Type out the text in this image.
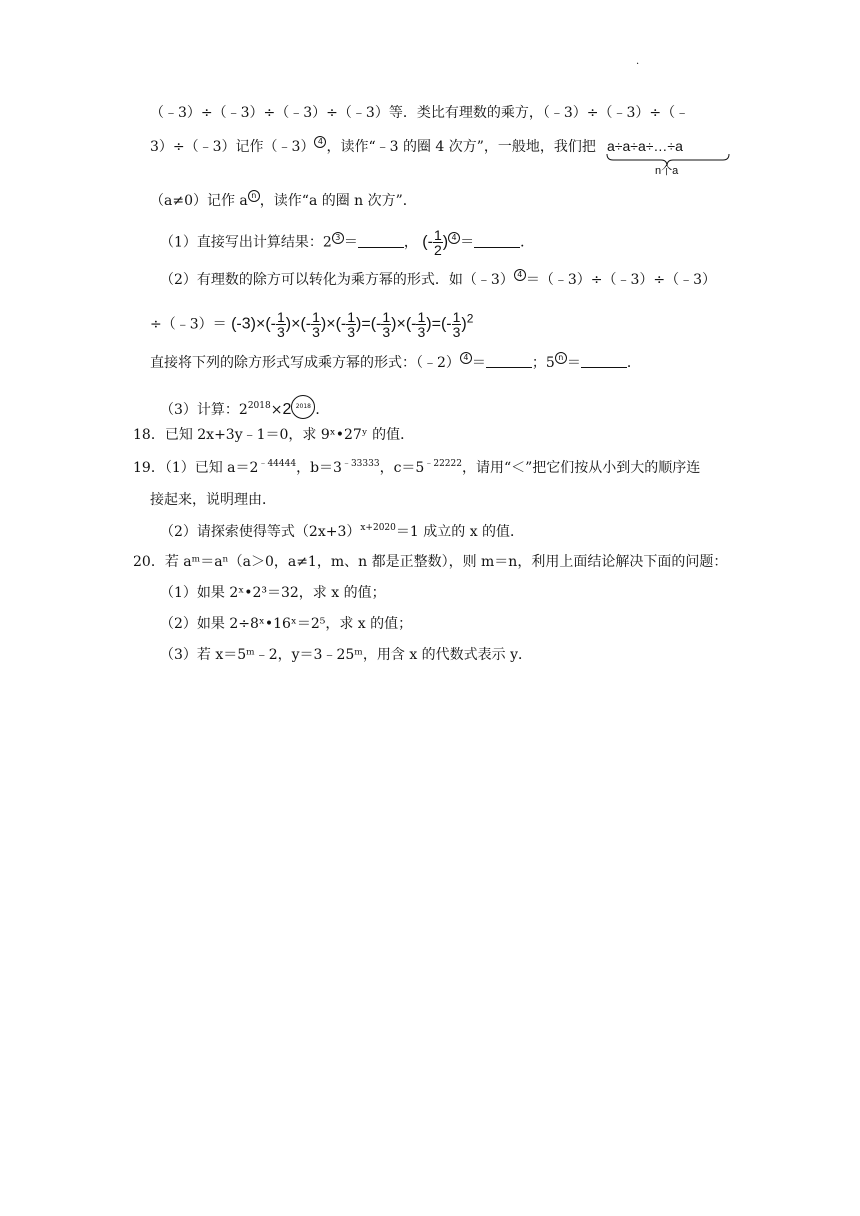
.
（﹣3）÷（﹣3）÷（﹣3）÷（﹣3）等．类比有理数的乘方，（﹣3）÷（﹣3）÷（﹣
3）÷（﹣3）记作（﹣3） 4 ，读作“﹣3 的圈 4 次方”，一般地，我们把 a÷a÷a÷…÷a
n个a
（a≠0）记作 a n ，读作“a 的圈 n 次方”．
（1）直接写出计算结果：2 3 ＝	， (- $\frac{1}{2}$ ) 4 ＝	．
（2）有理数的除方可以转化为乘方幂的形式．如（﹣3） 4 ＝（﹣3）÷（﹣3）÷（﹣3）
÷（﹣3）＝ $(-3)\times(- \frac{1}{3}$ )×(- $\frac{1}{3}$ )×(- $\frac{1}{3}$ )=(- $\frac{1}{3}$ )×(- $\frac{1}{3}$ )=(- $\frac{1}{3} )^2$
直接将下列的除方形式写成乘方幂的形式：（﹣2） 4 ＝	；5 n ＝	．
（3）计算：$2^{2018}\times 2$ 2018 ．
18．已知 2x+3y﹣1＝0，求 9ˣ•27ʸ 的值．
19．（1）已知 $a=2^{﹣44444}$，$b=3^{﹣33333}$，$c=5^{﹣22222}$，请用“＜”把它们按从小到大的顺序连
接起来，说明理由．
（2）请探索使得等式$(2x+3)^{x+2020}=1$ 成立的 x 的值．
20．若 aᵐ＝aⁿ（a＞0，a≠1，m、n 都是正整数），则 m＝n，利用上面结论解决下面的问题：
（1）如果 2ˣ•2³＝32，求 x 的值；
（2）如果 2÷8ˣ•16ˣ＝2⁵，求 x 的值；
（3）若 x＝5ᵐ﹣2，y＝3﹣25ᵐ，用含 x 的代数式表示 y．
